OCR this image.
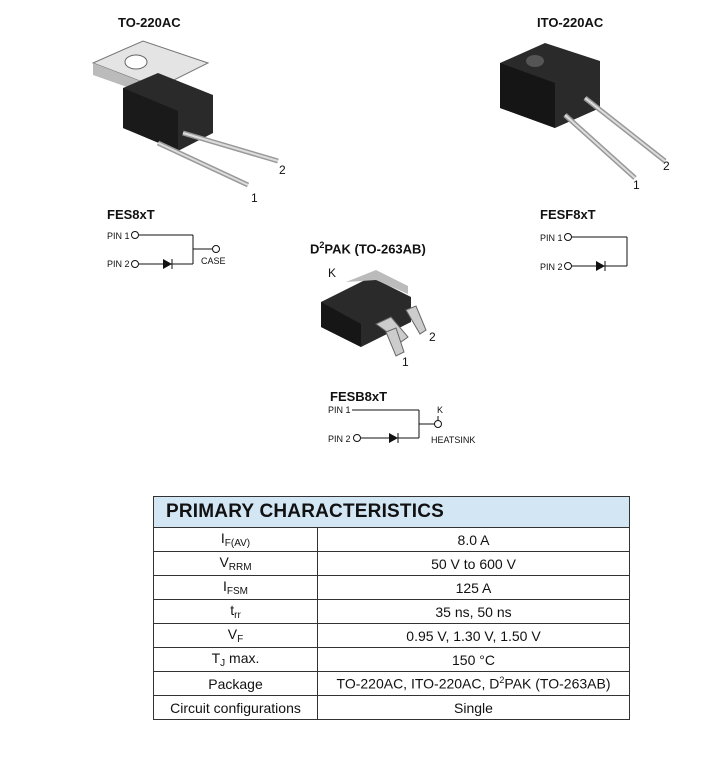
TO-220AC
2
1
ITO-220AC
2
1
FES8xT
PIN 1
PIN 2	CASE
FESF8xT
PIN 1
PIN 2
$D^2PAK$ (TO-263AB)
K
2
1
FESB8xT
PIN 1
PIN 2
K
HEATSINK
PRIMARY CHARACTERISTICS	
$I_{F(AV)}$	8.0 A
$V_{RRM}$	50 V to 600 V
$I_{FSM}$	125 A
$t_{rr}$	35 ns, 50 ns
$V_F$	0.95 V, 1.30 V, 1.50 V
$T_J$ max.	150 °C
Package	TO-220AC, ITO-220AC, $D^2PAK$ (TO-263AB)
Circuit configurations	Single
